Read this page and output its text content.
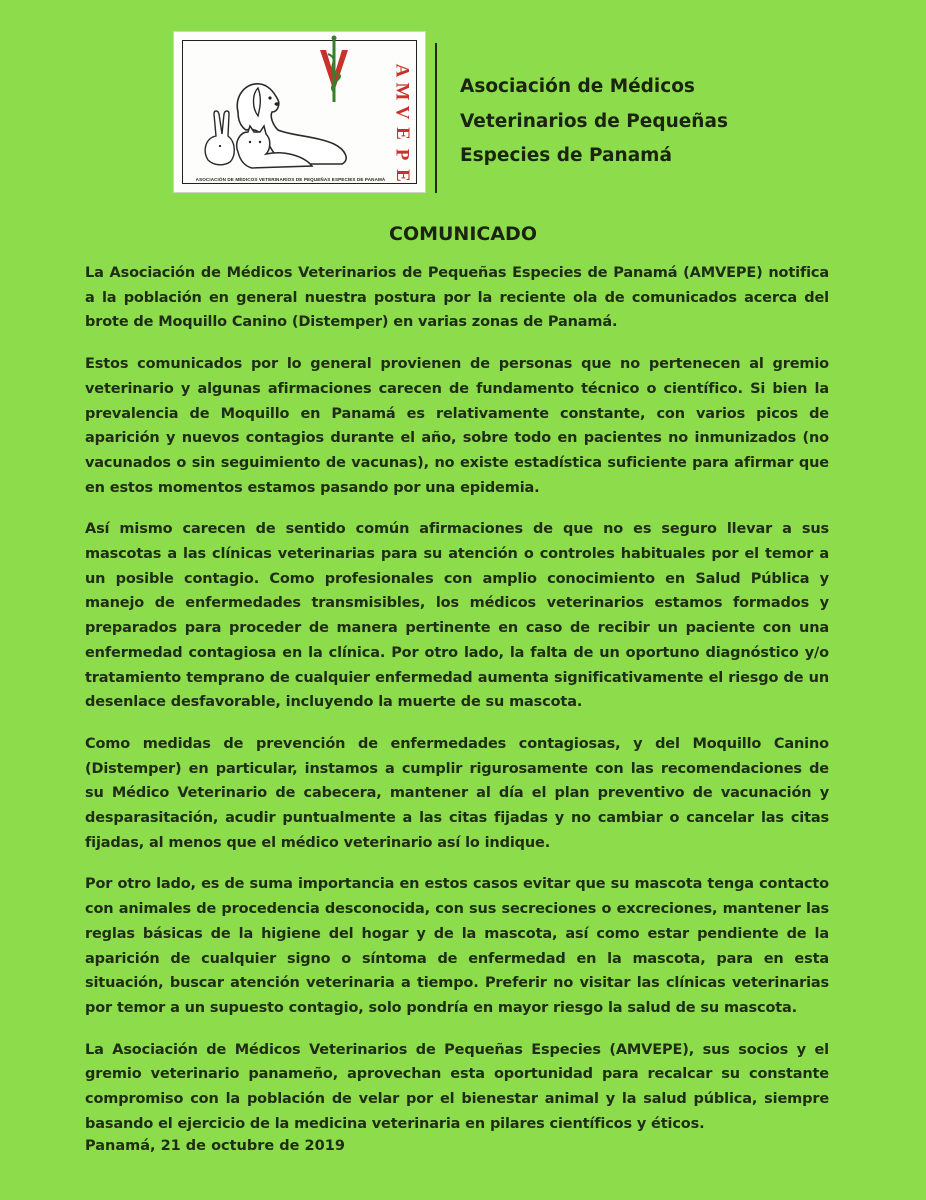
A
M
V
E
P
E
ASOCIACIÓN DE MÉDICOS VETERINARIOS DE PEQUEÑAS ESPECIES DE PANAMÁ
Asociación de Médicos
Veterinarios de Pequeñas
Especies de Panamá
COMUNICADO

La Asociación de Médicos Veterinarios de Pequeñas Especies de Panamá (AMVEPE) notifica a la población en general nuestra postura por la reciente ola de comunicados acerca del brote de Moquillo Canino (Distemper) en varias zonas de Panamá.

Estos comunicados por lo general provienen de personas que no pertenecen al gremio veterinario y algunas afirmaciones carecen de fundamento técnico o científico. Si bien la prevalencia de Moquillo en Panamá es relativamente constante, con varios picos de aparición y nuevos contagios durante el año, sobre todo en pacientes no inmunizados (no vacunados o sin seguimiento de vacunas), no existe estadística suficiente para afirmar que en estos momentos estamos pasando por una epidemia.

Así mismo carecen de sentido común afirmaciones de que no es seguro llevar a sus mascotas a las clínicas veterinarias para su atención o controles habituales por el temor a un posible contagio. Como profesionales con amplio conocimiento en Salud Pública y manejo de enfermedades transmisibles, los médicos veterinarios estamos formados y preparados para proceder de manera pertinente en caso de recibir un paciente con una enfermedad contagiosa en la clínica. Por otro lado, la falta de un oportuno diagnóstico y/o tratamiento temprano de cualquier enfermedad aumenta significativamente el riesgo de un desenlace desfavorable, incluyendo la muerte de su mascota.

Como medidas de prevención de enfermedades contagiosas, y del Moquillo Canino (Distemper) en particular, instamos a cumplir rigurosamente con las recomendaciones de su Médico Veterinario de cabecera, mantener al día el plan preventivo de vacunación y desparasitación, acudir puntualmente a las citas fijadas y no cambiar o cancelar las citas fijadas, al menos que el médico veterinario así lo indique.

Por otro lado, es de suma importancia en estos casos evitar que su mascota tenga contacto con animales de procedencia desconocida, con sus secreciones o excreciones, mantener las reglas básicas de la higiene del hogar y de la mascota, así como estar pendiente de la aparición de cualquier signo o síntoma de enfermedad en la mascota, para en esta situación, buscar atención veterinaria a tiempo. Preferir no visitar las clínicas veterinarias por temor a un supuesto contagio, solo pondría en mayor riesgo la salud de su mascota.

La Asociación de Médicos Veterinarios de Pequeñas Especies (AMVEPE), sus socios y el gremio veterinario panameño, aprovechan esta oportunidad para recalcar su constante compromiso con la población de velar por el bienestar animal y la salud pública, siempre basando el ejercicio de la medicina veterinaria en pilares científicos y éticos.

Panamá, 21 de octubre de 2019
